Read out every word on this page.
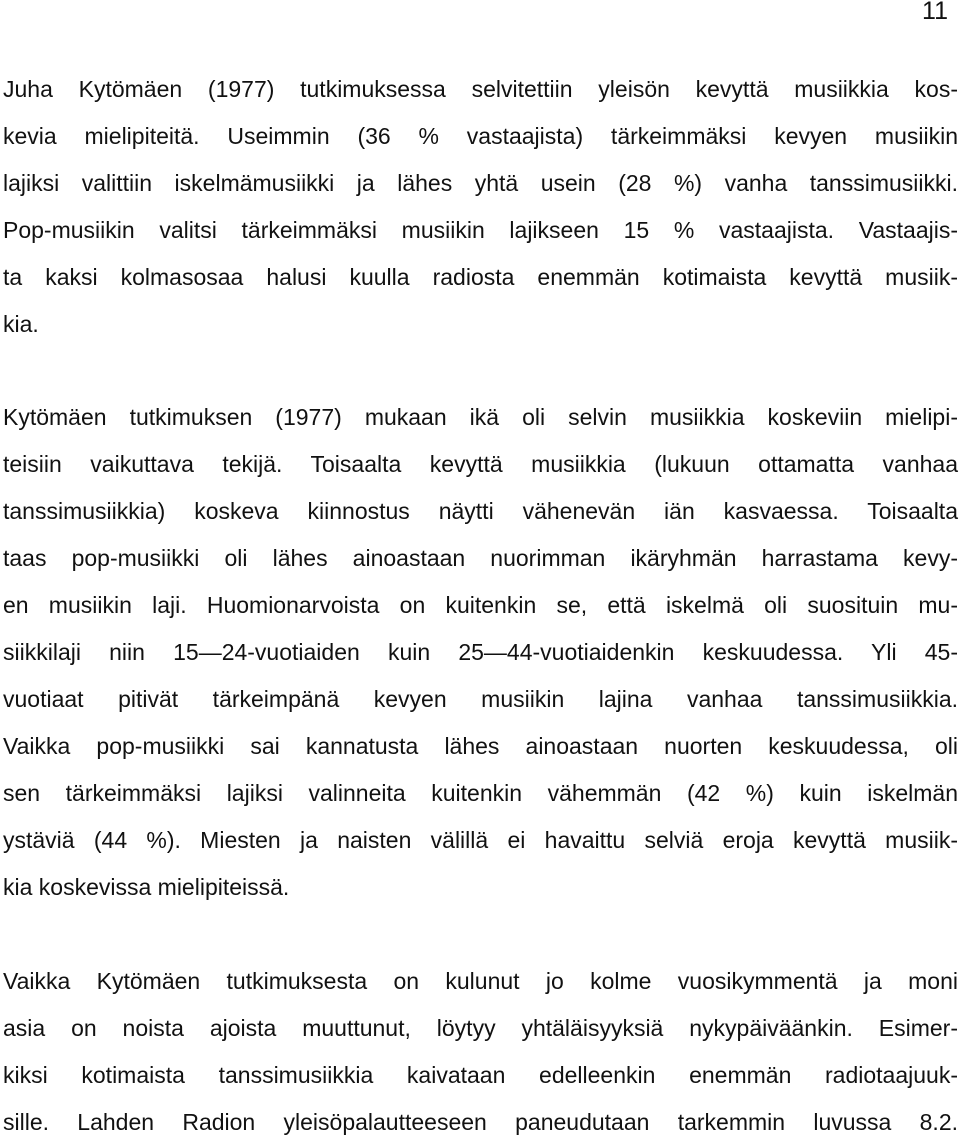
11
Juha Kytömäen (1977) tutkimuksessa selvitettiin yleisön kevyttä musiikkia kos-
kevia mielipiteitä. Useimmin (36 % vastaajista) tärkeimmäksi kevyen musiikin
lajiksi valittiin iskelmämusiikki ja lähes yhtä usein (28 %) vanha tanssimusiikki.
Pop-musiikin valitsi tärkeimmäksi musiikin lajikseen 15 % vastaajista. Vastaajis-
ta kaksi kolmasosaa halusi kuulla radiosta enemmän kotimaista kevyttä musiik-
kia.
Kytömäen tutkimuksen (1977) mukaan ikä oli selvin musiikkia koskeviin mielipi-
teisiin vaikuttava tekijä. Toisaalta kevyttä musiikkia (lukuun ottamatta vanhaa
tanssimusiikkia) koskeva kiinnostus näytti vähenevän iän kasvaessa. Toisaalta
taas pop-musiikki oli lähes ainoastaan nuorimman ikäryhmän harrastama kevy-
en musiikin laji. Huomionarvoista on kuitenkin se, että iskelmä oli suosituin mu-
siikkilaji niin 15—24-vuotiaiden kuin 25—44-vuotiaidenkin keskuudessa. Yli 45-
vuotiaat pitivät tärkeimpänä kevyen musiikin lajina vanhaa tanssimusiikkia.
Vaikka pop-musiikki sai kannatusta lähes ainoastaan nuorten keskuudessa, oli
sen tärkeimmäksi lajiksi valinneita kuitenkin vähemmän (42 %) kuin iskelmän
ystäviä (44 %). Miesten ja naisten välillä ei havaittu selviä eroja kevyttä musiik-
kia koskevissa mielipiteissä.
Vaikka Kytömäen tutkimuksesta on kulunut jo kolme vuosikymmentä ja moni
asia on noista ajoista muuttunut, löytyy yhtäläisyyksiä nykypäiväänkin. Esimer-
kiksi kotimaista tanssimusiikkia kaivataan edelleenkin enemmän radiotaajuuk-
sille. Lahden Radion yleisöpalautteeseen paneudutaan tarkemmin luvussa 8.2.
